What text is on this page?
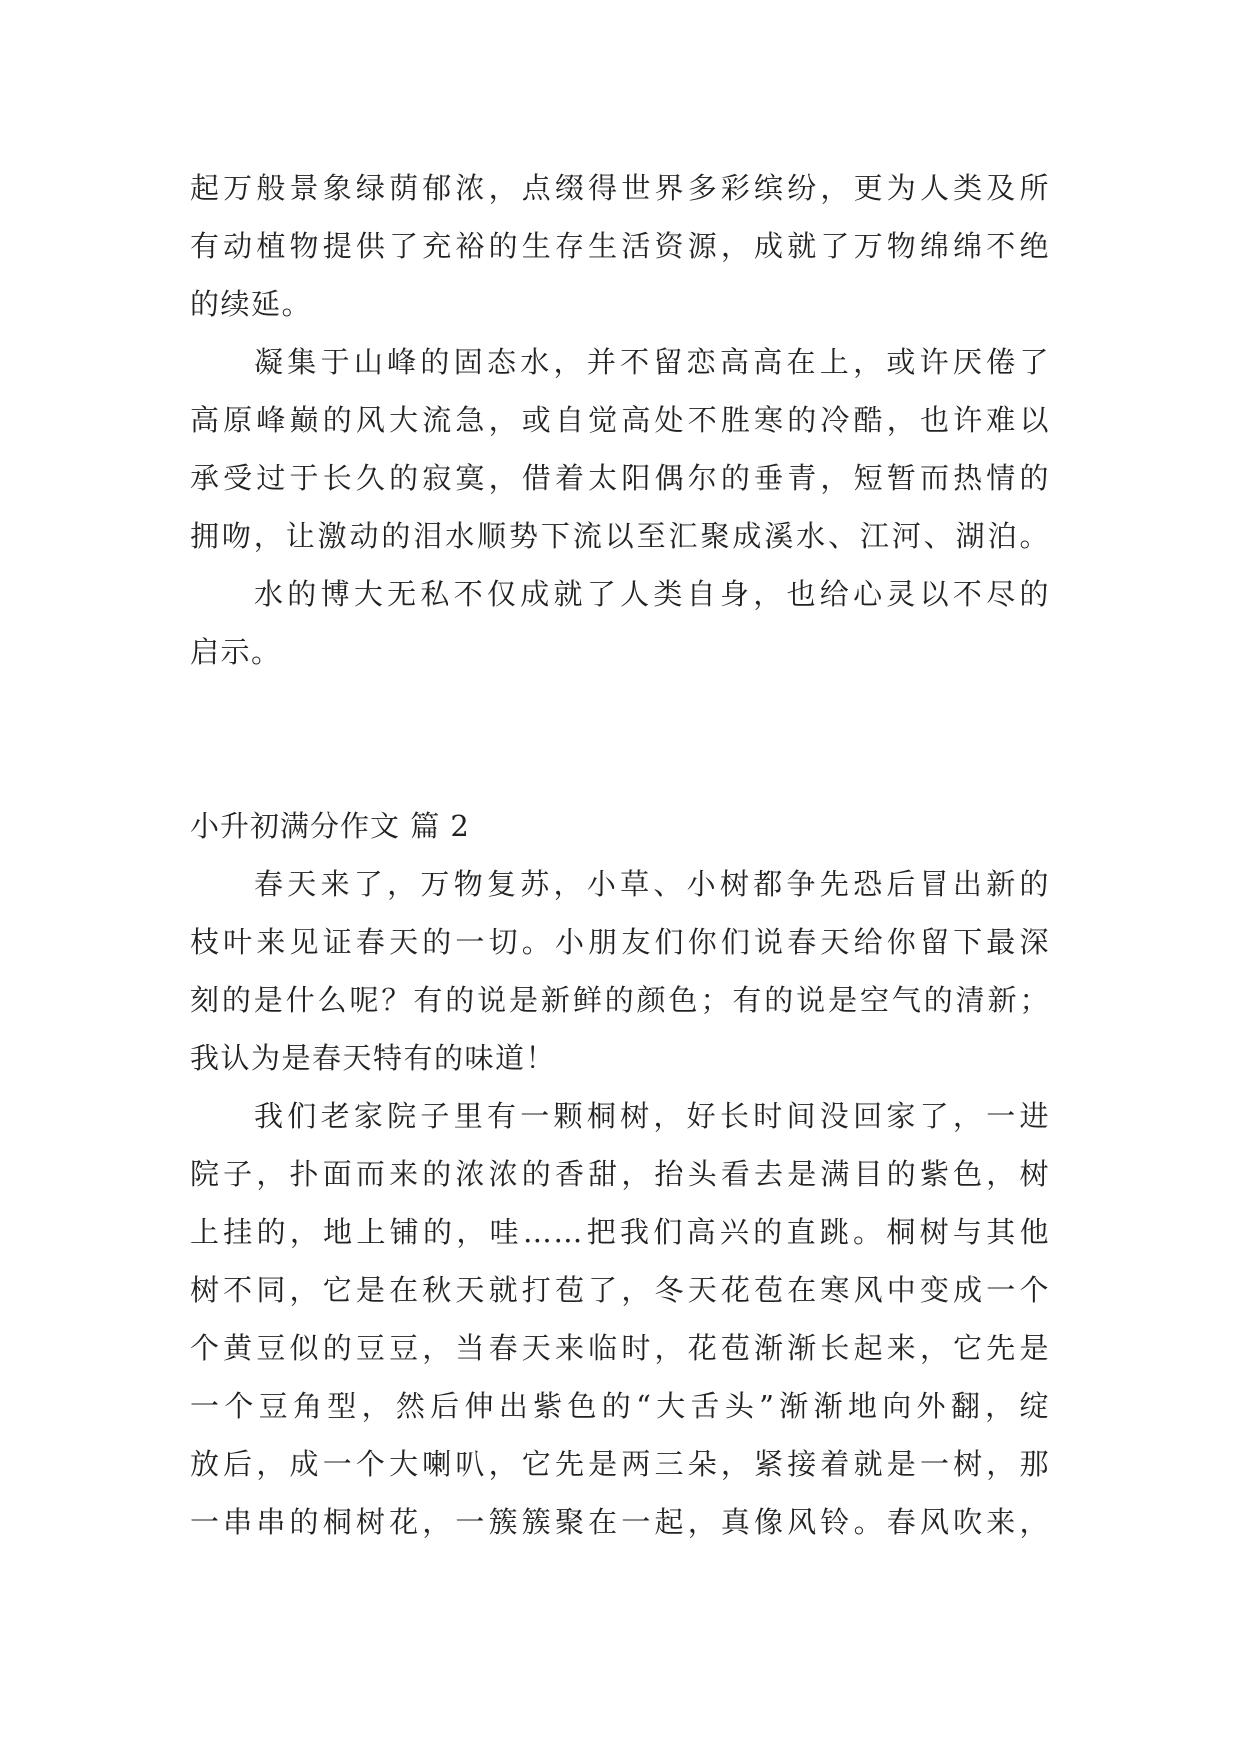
起万般景象绿荫郁浓，点缀得世界多彩缤纷，更为人类及所
有动植物提供了充裕的生存生活资源，成就了万物绵绵不绝
的续延。
凝集于山峰的固态水，并不留恋高高在上，或许厌倦了
高原峰巅的风大流急，或自觉高处不胜寒的冷酷，也许难以
承受过于长久的寂寞，借着太阳偶尔的垂青，短暂而热情的
拥吻，让激动的泪水顺势下流以至汇聚成溪水、江河、湖泊。
水的博大无私不仅成就了人类自身，也给心灵以不尽的
启示。
小升初满分作文 篇 2
春天来了，万物复苏，小草、小树都争先恐后冒出新的
枝叶来见证春天的一切。小朋友们你们说春天给你留下最深
刻的是什么呢？有的说是新鲜的颜色；有的说是空气的清新；
我认为是春天特有的味道！
我们老家院子里有一颗桐树，好长时间没回家了，一进
院子，扑面而来的浓浓的香甜，抬头看去是满目的紫色，树
上挂的，地上铺的，哇……把我们高兴的直跳。桐树与其他
树不同，它是在秋天就打苞了，冬天花苞在寒风中变成一个
个黄豆似的豆豆，当春天来临时，花苞渐渐长起来，它先是
一个豆角型，然后伸出紫色的“大舌头”渐渐地向外翻，绽
放后，成一个大喇叭，它先是两三朵，紧接着就是一树，那
一串串的桐树花，一簇簇聚在一起，真像风铃。春风吹来，
